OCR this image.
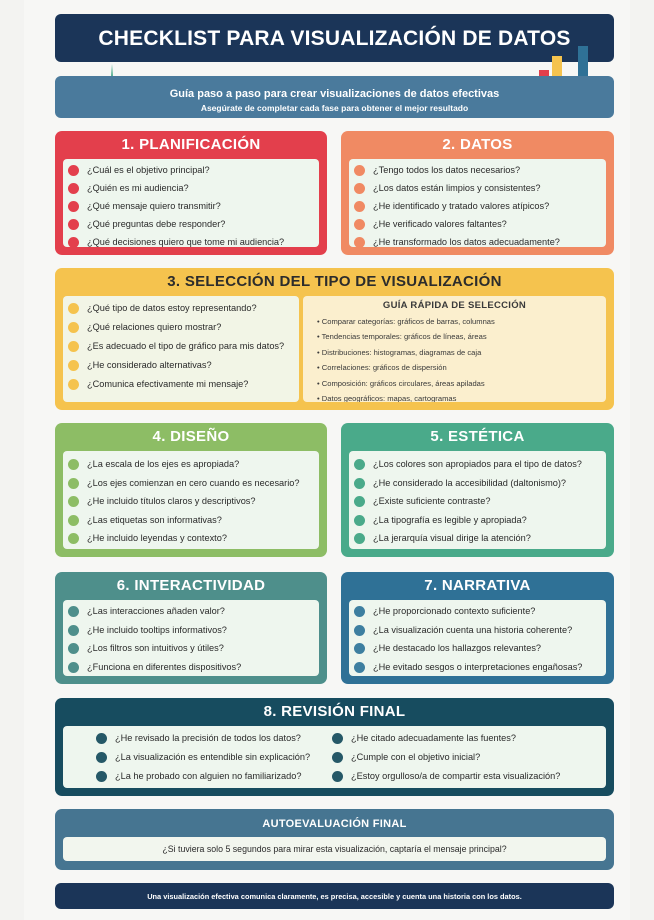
CHECKLIST PARA VISUALIZACIÓN DE DATOS
Guía paso a paso para crear visualizaciones de datos efectivas
Asegúrate de completar cada fase para obtener el mejor resultado
1. PLANIFICACIÓN
¿Cuál es el objetivo principal?
¿Quién es mi audiencia?
¿Qué mensaje quiero transmitir?
¿Qué preguntas debe responder?
¿Qué decisiones quiero que tome mi audiencia?
2. DATOS
¿Tengo todos los datos necesarios?
¿Los datos están limpios y consistentes?
¿He identificado y tratado valores atípicos?
¿He verificado valores faltantes?
¿He transformado los datos adecuadamente?
3. SELECCIÓN DEL TIPO DE VISUALIZACIÓN
¿Qué tipo de datos estoy representando?
¿Qué relaciones quiero mostrar?
¿Es adecuado el tipo de gráfico para mis datos?
¿He considerado alternativas?
¿Comunica efectivamente mi mensaje?
GUÍA RÁPIDA DE SELECCIÓN
• Comparar categorías: gráficos de barras, columnas
• Tendencias temporales: gráficos de líneas, áreas
• Distribuciones: histogramas, diagramas de caja
• Correlaciones: gráficos de dispersión
• Composición: gráficos circulares, áreas apiladas
• Datos geográficos: mapas, cartogramas
4. DISEÑO
¿La escala de los ejes es apropiada?
¿Los ejes comienzan en cero cuando es necesario?
¿He incluido títulos claros y descriptivos?
¿Las etiquetas son informativas?
¿He incluido leyendas y contexto?
5. ESTÉTICA
¿Los colores son apropiados para el tipo de datos?
¿He considerado la accesibilidad (daltonismo)?
¿Existe suficiente contraste?
¿La tipografía es legible y apropiada?
¿La jerarquía visual dirige la atención?
6. INTERACTIVIDAD
¿Las interacciones añaden valor?
¿He incluido tooltips informativos?
¿Los filtros son intuitivos y útiles?
¿Funciona en diferentes dispositivos?
7. NARRATIVA
¿He proporcionado contexto suficiente?
¿La visualización cuenta una historia coherente?
¿He destacado los hallazgos relevantes?
¿He evitado sesgos o interpretaciones engañosas?
8. REVISIÓN FINAL
¿He revisado la precisión de todos los datos?
¿La visualización es entendible sin explicación?
¿La he probado con alguien no familiarizado?
¿He citado adecuadamente las fuentes?
¿Cumple con el objetivo inicial?
¿Estoy orgulloso/a de compartir esta visualización?
AUTOEVALUACIÓN FINAL
¿Si tuviera solo 5 segundos para mirar esta visualización, captaría el mensaje principal?
Una visualización efectiva comunica claramente, es precisa, accesible y cuenta una historia con los datos.
